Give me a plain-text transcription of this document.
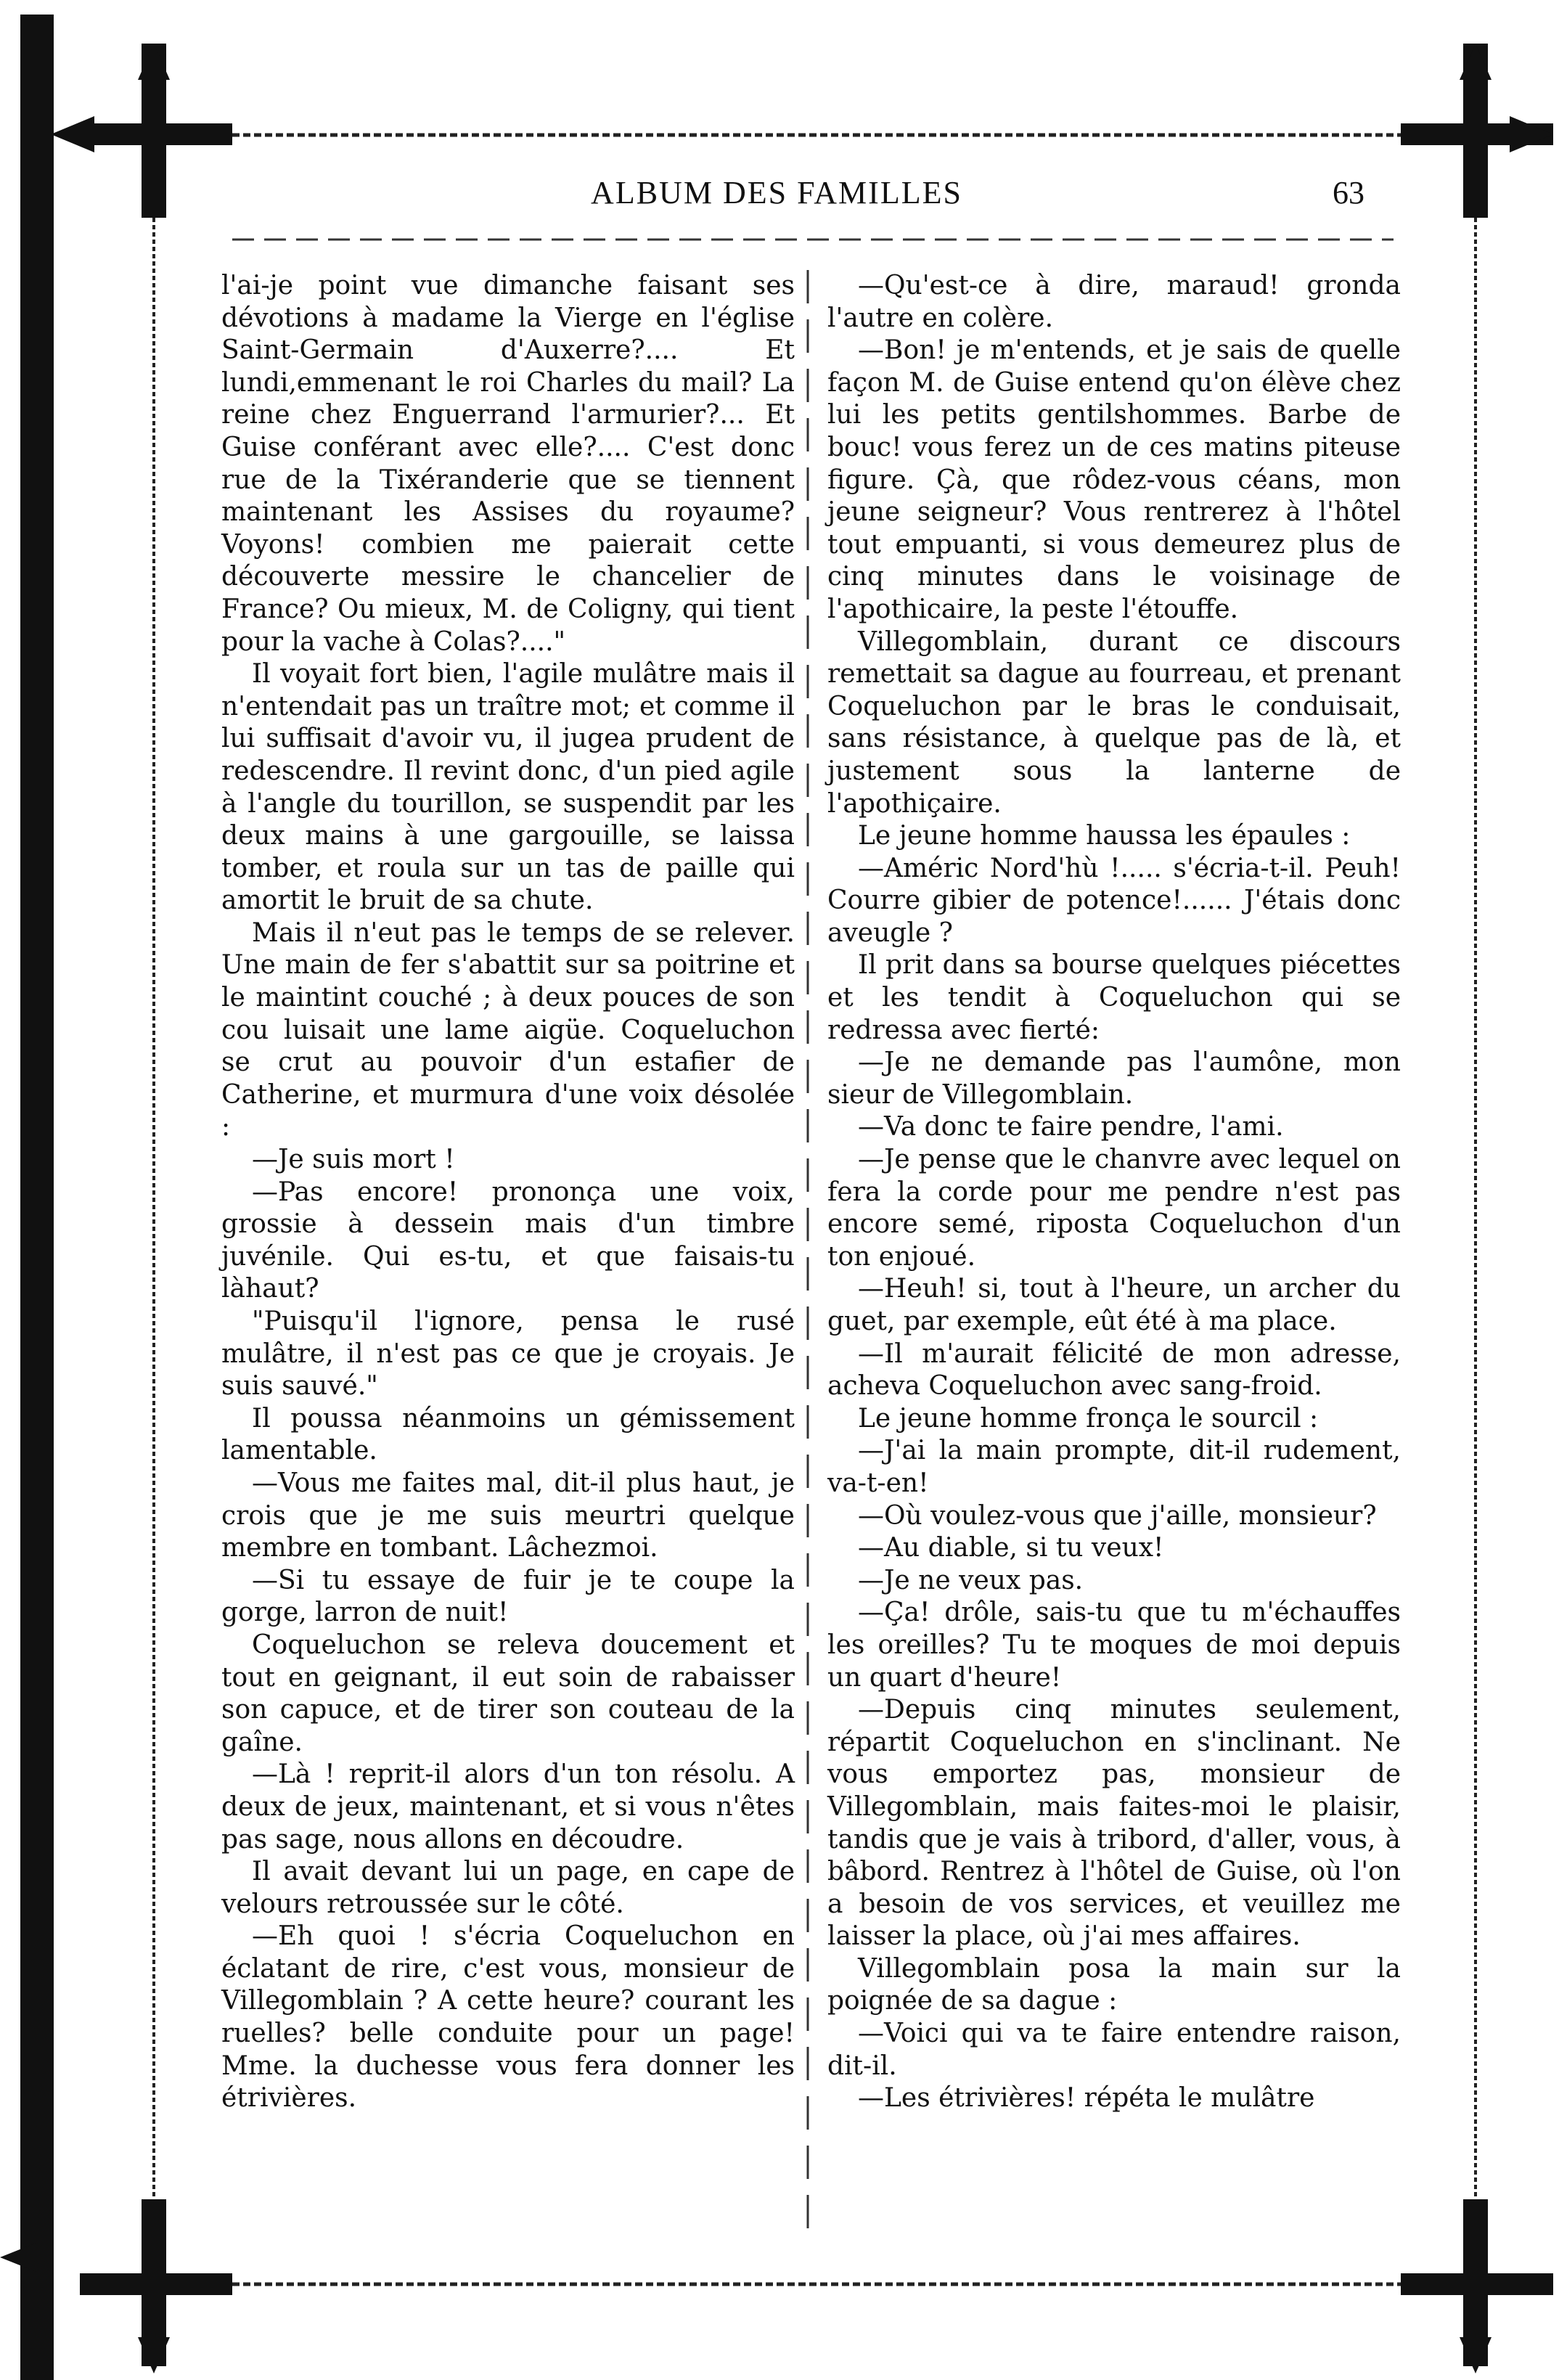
ALBUM DES FAMILLES	63

l'ai-je point vue dimanche faisant ses dévotions à madame la Vierge en l'église Saint-Germain d'Auxerre?.... Et lundi,emmenant le roi Charles du mail? La reine chez Enguerrand l'armurier?... Et Guise conférant avec elle?.... C'est donc rue de la Tixéranderie que se tiennent maintenant les Assises du royaume? Voyons! combien me paierait cette découverte messire le chancelier de France? Ou mieux, M. de Coligny, qui tient pour la vache à Colas?...."

Il voyait fort bien, l'agile mulâtre mais il n'entendait pas un traître mot; et comme il lui suffisait d'avoir vu, il jugea prudent de redescendre. Il revint donc, d'un pied agile à l'angle du tourillon, se suspendit par les deux mains à une gargouille, se laissa tomber, et roula sur un tas de paille qui amortit le bruit de sa chute.

Mais il n'eut pas le temps de se relever. Une main de fer s'abattit sur sa poitrine et le maintint couché ; à deux pouces de son cou luisait une lame aigüe. Coqueluchon se crut au pouvoir d'un estafier de Catherine, et murmura d'une voix désolée :

—Je suis mort !

—Pas encore! prononça une voix, grossie à dessein mais d'un timbre juvénile. Qui es-tu, et que faisais-tu làhaut?

"Puisqu'il l'ignore, pensa le rusé mulâtre, il n'est pas ce que je croyais. Je suis sauvé."

Il poussa néanmoins un gémissement lamentable.

—Vous me faites mal, dit-il plus haut, je crois que je me suis meurtri quelque membre en tombant. Lâchezmoi.

—Si tu essaye de fuir je te coupe la gorge, larron de nuit!

Coqueluchon se releva doucement et tout en geignant, il eut soin de rabaisser son capuce, et de tirer son couteau de la gaîne.

—Là ! reprit-il alors d'un ton résolu. A deux de jeux, maintenant, et si vous n'êtes pas sage, nous allons en découdre.

Il avait devant lui un page, en cape de velours retroussée sur le côté.

—Eh quoi ! s'écria Coqueluchon en éclatant de rire, c'est vous, monsieur de Villegomblain ? A cette heure? courant les ruelles? belle conduite pour un page! Mme. la duchesse vous fera donner les étrivières.

—Qu'est-ce à dire, maraud! gronda l'autre en colère.

—Bon! je m'entends, et je sais de quelle façon M. de Guise entend qu'on élève chez lui les petits gentilshommes. Barbe de bouc! vous ferez un de ces matins piteuse figure. Çà, que rôdez-vous céans, mon jeune seigneur? Vous rentrerez à l'hôtel tout empuanti, si vous demeurez plus de cinq minutes dans le voisinage de l'apothicaire, la peste l'étouffe.

Villegomblain, durant ce discours remettait sa dague au fourreau, et prenant Coqueluchon par le bras le conduisait, sans résistance, à quelque pas de là, et justement sous la lanterne de l'apothiçaire.

Le jeune homme haussa les épaules :

—Améric Nord'hù !..... s'écria-t-il. Peuh! Courre gibier de potence!...... J'étais donc aveugle ?

Il prit dans sa bourse quelques piécettes et les tendit à Coqueluchon qui se redressa avec fierté:

—Je ne demande pas l'aumône, mon sieur de Villegomblain.

—Va donc te faire pendre, l'ami.

—Je pense que le chanvre avec lequel on fera la corde pour me pendre n'est pas encore semé, riposta Coqueluchon d'un ton enjoué.

—Heuh! si, tout à l'heure, un archer du guet, par exemple, eût été à ma place.

—Il m'aurait félicité de mon adresse, acheva Coqueluchon avec sang-froid.

Le jeune homme fronça le sourcil :

—J'ai la main prompte, dit-il rudement, va-t-en!

—Où voulez-vous que j'aille, monsieur?

—Au diable, si tu veux!

—Je ne veux pas.

—Ça! drôle, sais-tu que tu m'échauffes les oreilles? Tu te moques de moi depuis un quart d'heure!

—Depuis cinq minutes seulement, répartit Coqueluchon en s'inclinant. Ne vous emportez pas, monsieur de Villegomblain, mais faites-moi le plaisir, tandis que je vais à tribord, d'aller, vous, à bâbord. Rentrez à l'hôtel de Guise, où l'on a besoin de vos services, et veuillez me laisser la place, où j'ai mes affaires.

Villegomblain posa la main sur la poignée de sa dague :

—Voici qui va te faire entendre raison, dit-il.

—Les étrivières! répéta le mulâtre
